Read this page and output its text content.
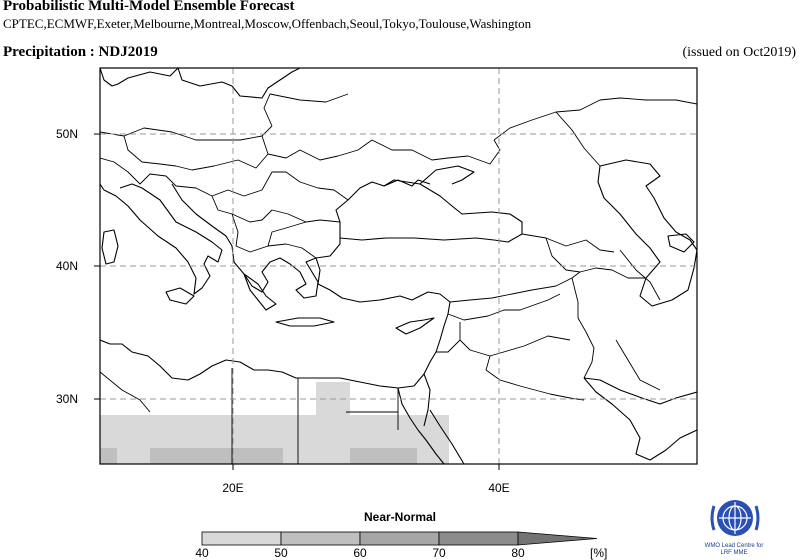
Probabilistic Multi-Model Ensemble Forecast
CPTEC,ECMWF,Exeter,Melbourne,Montreal,Moscow,Offenbach,Seoul,Tokyo,Toulouse,Washington
Precipitation : NDJ2019	(issued on Oct2019)
50N
40N
30N
20E	40E
Near-Normal
40	50	60	70	80	[%]	WMO Lead Centre for LRF MME
